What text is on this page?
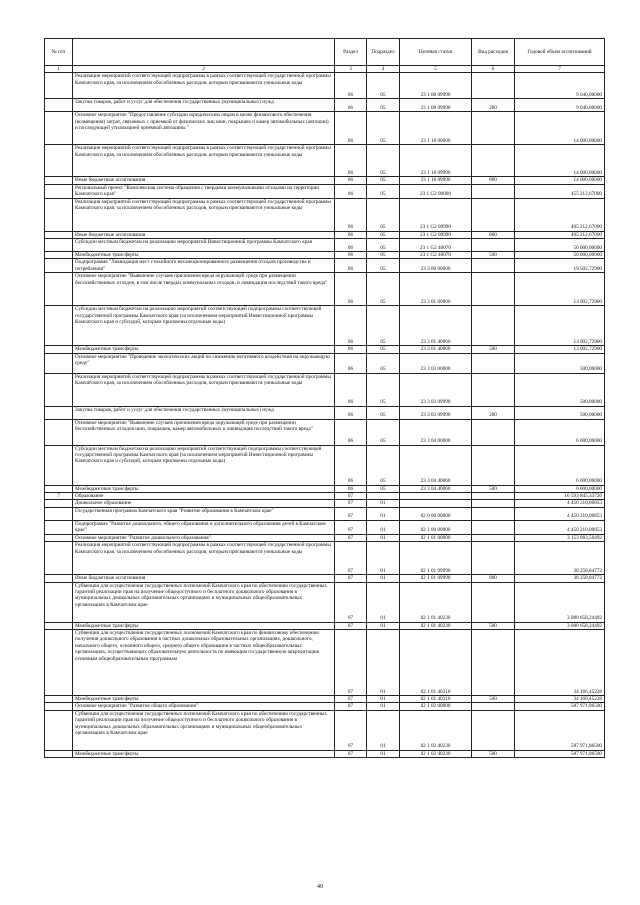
№ п/п		Раздел	Подраздел	Целевая статья	Вид расходов	Годовой объем ассигнований
1	2	3	4	5	6	7
	Реализация мероприятий соответствующей подпрограммы в рамках соответствующей государственной программы Камчатского края, за исключением обособленных расходов, которым присваиваются уникальные коды	06	05	23 1 08 09990		9 640,00000
	Закупка товаров, работ и услуг для обеспечения государственных (муниципальных) нужд	06	05	23 1 08 09990	200	9 640,00000
	Основное мероприятие "Предоставление субсидии юридическим лицам в целях финансового обеспечения (возмещения) затрат, связанных с приемкой от физических лиц шин, покрышек и камер автомобильных (автошин) и последующей утилизацией приемкой автошины "	06	05	23 1 18 00000		14 000,00000
	Реализация мероприятий соответствующей подпрограммы в рамках соответствующей государственной программы Камчатского края, за исключением обособленных расходов, которым присваиваются уникальные коды	06	05	23 1 18 09990		14 000,00000
	Иные бюджетные ассигнования	06	05	23 1 18 09990	800	14 000,00000
	Региональный проект "Комплексная система обращения с твердыми коммунальными отходами на территории Камчатского края"	06	05	23 1 G2 00000		455 212,67000
	Реализация мероприятий соответствующей подпрограммы в рамках соответствующей государственной программы Камчатского края, за исключением обособленных расходов, которым присваиваются уникальные коды	06	05	23 1 G2 09990		405 212,67000
	Иные бюджетные ассигнования	06	05	23 1 G2 09990	800	405 212,67000
	Субсидии местным бюджетам на реализацию мероприятий Инвестиционной программы Камчатского края	06	05	23 1 G2 40070		50 000,00000
	Межбюджетные трансферты	06	05	23 1 G2 40070	500	50 000,00000
	Подпрограмма "Ликвидация мест стихийного несанкционированного размещения отходов производства и потребления"	06	05	23 3 00 00000		19 502,72900
	Основное мероприятие "Выявление случаев причинения вреда окружающей среде при размещении бесхозяйственных отходов, в том числе твердых коммунальных отходов, и ликвидация последствий такого вреда"	06	05	23 3 01 00000		13 002,72900
	Субсидии местным бюджетам на реализацию мероприятий соответствующей подпрограммы соответствующей государственной программы Камчатского края (за исключением мероприятий Инвестиционной программы Камчатского края и субсидий, которым присвоены отдельные коды)	06	05	23 3 01 40060		13 002,72900
	Межбюджетные трансферты	06	05	23 3 01 40060	500	13 002,72900
	Основное мероприятие "Проведение экологических акций по снижению негативного воздействия на окружающую среду"	06	05	23 3 03 00000		500,00000
	Реализация мероприятий соответствующей подпрограммы в рамках соответствующей государственной программы Камчатского края, за исключением обособленных расходов, которым присваиваются уникальные коды	06	05	23 3 03 09990		500,00000
	Закупка товаров, работ и услуг для обеспечения государственных (муниципальных) нужд	06	05	23 3 03 09990	200	500,00000
	Основное мероприятие "Выявление случаев причинения вреда окружающей среде при размещении бесхозяйственных отходов шин, покрышек, камер автомобильных и ликвидация последствий такого вреда"	06	05	23 3 04 00000		6 000,00000
	Субсидии местным бюджетам на реализацию мероприятий соответствующей подпрограммы соответствующей государственной программы Камчатского края (за исключением мероприятий Инвестиционной программы Камчатского края и субсидий, которым присвоены отдельные коды)	06	05	23 3 04 40060		6 000,00000
	Межбюджетные трансферты	06	05	23 3 04 40060	500	6 000,00000
7	Образование	07				16 593 845,33726
	Дошкольное образование	07	01			4 450 210,00853
	Государственная программа Камчатского края "Развитие образования в Камчатском крае"	07	01	02 0 00 00000		4 450 210,00853
	Подпрограмма "Развитие дошкольного, общего образования и дополнительного образования детей в Камчатском крае"	07	01	02 1 00 00000		4 450 210,00853
	Основное мероприятие "Развитие дошкольного образования"	07	01	02 1 01 00000		3 153 083,56492
	Реализация мероприятий соответствующей подпрограммы в рамках соответствующей государственной программы Камчатского края, за исключением обособленных расходов, которым присваиваются уникальные коды	07	01	02 1 01 09990		38 258,84772
	Иные бюджетные ассигнования	07	01	02 1 01 09990	800	38 258,84772
	Субвенции для осуществления государственных полномочий Камчатского края по обеспечению государственных гарантий реализации прав на получение общедоступного и бесплатного дошкольного образования в муниципальных дошкольных образовательных организациях и муниципальных общеобразовательных организациях в Камчатском крае	07	01	02 1 01 40230		3 080 658,24492
	Межбюджетные трансферты	07	01	02 1 01 40230	500	3 080 658,24492
	Субвенции для осуществления государственных полномочий Камчатского края по финансовому обеспечению получения дошкольного образования в частных дошкольных образовательных организациях, дошкольного, начального общего, основного общего, среднего общего образования в частных общеобразовательных организациях, осуществляющих образовательную деятельность по имеющим государственную аккредитацию основным общеобразовательным программам	07	01	02 1 01 40310		34 166,45228
	Межбюджетные трансферты	07	01	02 1 01 40310	500	34 166,45228
	Основное мероприятие "Развитие общего образования"	07	01	02 1 02 00000		587 971,86500
	Субвенции для осуществления государственных полномочий Камчатского края по обеспечению государственных гарантий реализации прав на получение общедоступного и бесплатного дошкольного образования в муниципальных дошкольных образовательных организациях и муниципальных общеобразовательных организациях в Камчатском крае	07	01	02 1 02 40230		587 971,86500
	Межбюджетные трансферты	07	01	02 1 02 40230	500	587 971,86500
40
